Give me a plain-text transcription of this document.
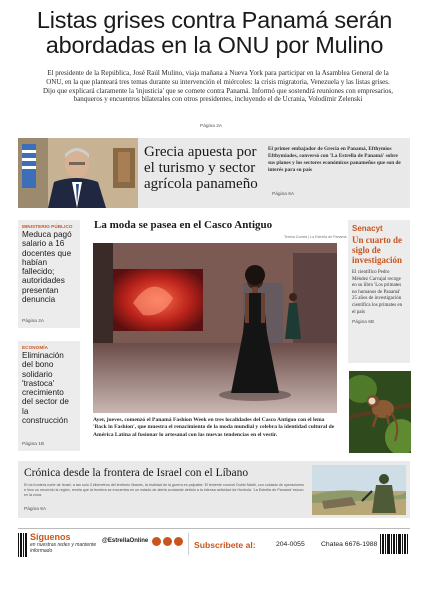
Listas grises contra Panamá serán
abordadas en la ONU por Mulino
El presidente de la República, José Raúl Mulino, viaja mañana a Nueva York para participar en la Asamblea General de la ONU, en la que planteará tres temas durante su intervención el miércoles: la crisis migratoria, Venezuela y las listas grises. Dijo que explicará claramente la 'injusticia' que se comete contra Panamá. Informó que sostendrá reuniones con empresarios, banqueros y encuentros bilaterales con otros presidentes, incluyendo el de Ucrania, Volodímir Zelenski
Página 2A
Grecia apuesta por el turismo y sector agrícola panameño
El primer embajador de Grecia en Panamá, Efthymios Efthymiades, conversó con 'La Estrella de Panamá' sobre sus planes y los sectores económicos panameños que son de interés para su país
Página 6A
MINISTERIO PÚBLICO
Meduca pagó salario a 16 docentes que habían fallecido; autoridades presentan denuncia
Página 2A
ECONOMÍA
Eliminación del bono solidario 'trastoca' crecimiento del sector de la construcción
Página 1B
La moda se pasea en el Casco Antiguo
Teresa Cuesta | La Estrella de Panamá
Ayer, jueves, comenzó el Panamá Fashion Week en tres localidades del Casco Antiguo con el lema 'Back in Fashion', que muestra el renacimiento de la moda mundial y celebra la identidad cultural de América Latina al fusionar lo artesanal con las nuevas tendencias en el vestir.
Senacyt
Un cuarto de siglo de investigación
El científico Pedro Méndez Carvajal recoge en su libro 'Los primates no humanos de Panamá' 25 años de investigación científica los primates en el país
Página 6B
Crónica desde la frontera de Israel con el Líbano
En la frontera norte de Israel, a tan solo 3 kilómetros del territorio libanés, la realidad de la guerra es palpable. El teniente coronel Dubbi Maith, con cuidado de operaciones e hizo un recorrido la región, revela que la frontera se encuentra en un estado de alerta constante debido a la intensa actividad de Hezbolá. 'La Estrella de Panamá' estuvo en la zona.
Página 6A
Síguenos
en nuestras redes y mantente informado
@EstrellaOnline	Subscribete al:	204-0055 Chatea 6676-1988
